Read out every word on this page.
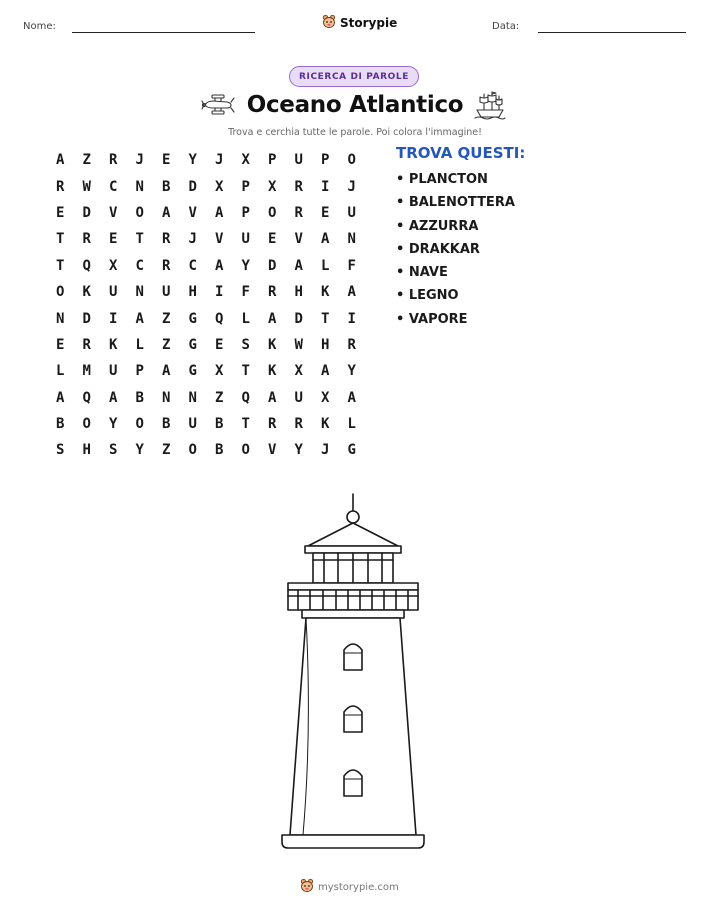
Nome:	Storypie	Data:
RICERCA DI PAROLE
Oceano Atlantico
Trova e cerchia tutte le parole. Poi colora l'immagine!
A	Z	R	J	E	Y	J	X	P	U	P	O
R	W	C	N	B	D	X	P	X	R	I	J
E	D	V	O	A	V	A	P	O	R	E	U
T	R	E	T	R	J	V	U	E	V	A	N
T	Q	X	C	R	C	A	Y	D	A	L	F
O	K	U	N	U	H	I	F	R	H	K	A
N	D	I	A	Z	G	Q	L	A	D	T	I
E	R	K	L	Z	G	E	S	K	W	H	R
L	M	U	P	A	G	X	T	K	X	A	Y
A	Q	A	B	N	N	Z	Q	A	U	X	A
B	O	Y	O	B	U	B	T	R	R	K	L
S	H	S	Y	Z	O	B	O	V	Y	J	G
TROVA QUESTI:
• PLANCTON
• BALENOTTERA
• AZZURRA
• DRAKKAR
• NAVE
• LEGNO
• VAPORE
mystorypie.com
